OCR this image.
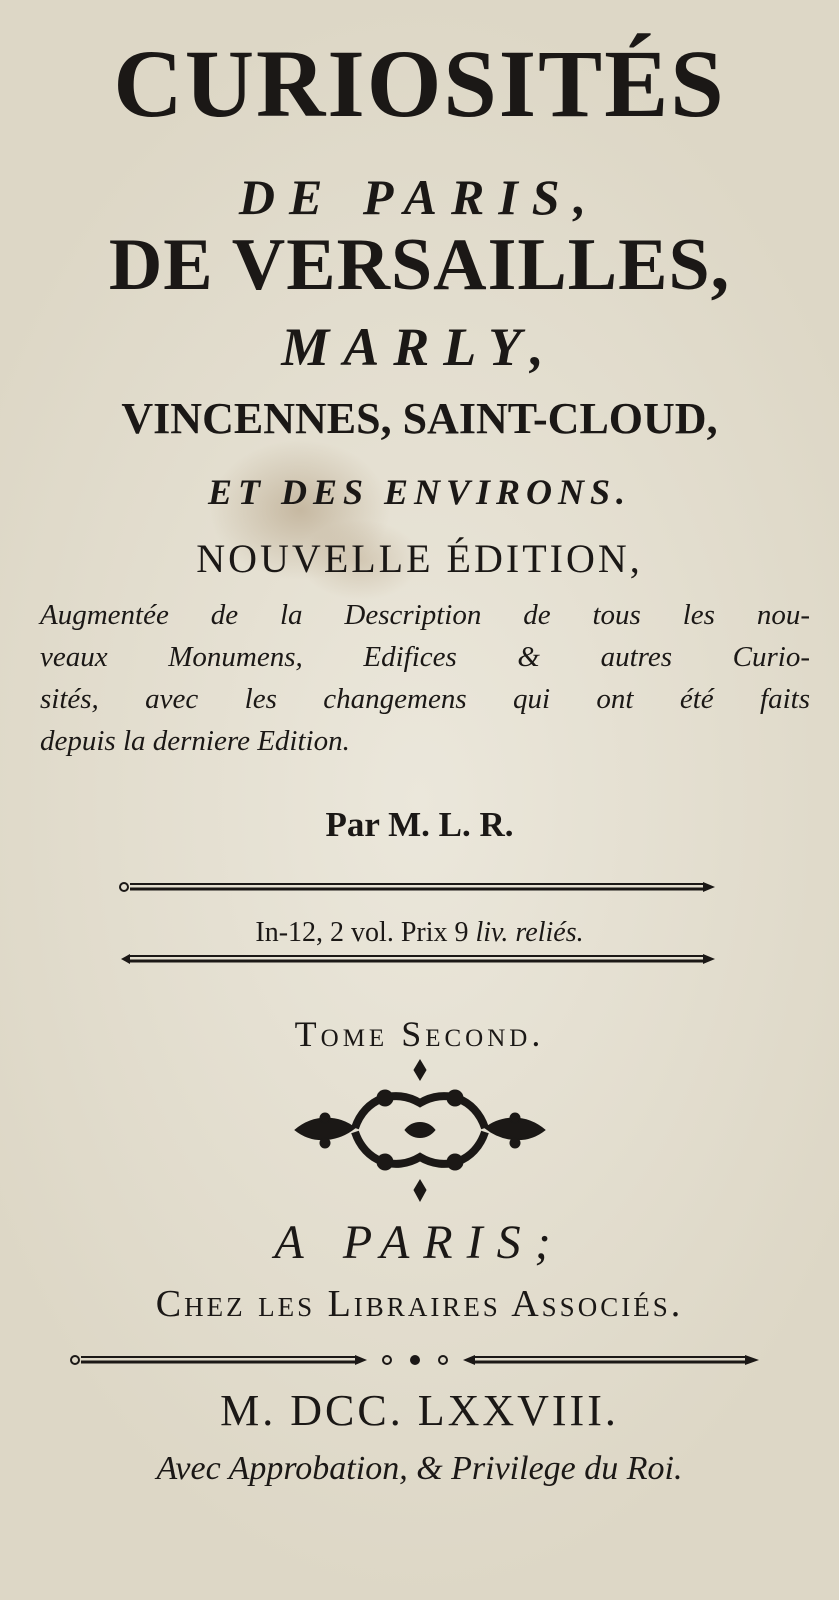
CURIOSITÉS
DE PARIS,
DE VERSAILLES,
MARLY,
VINCENNES, SAINT-CLOUD,
ET DES ENVIRONS.
NOUVELLE ÉDITION,
Augmentée de la Description de tous les nou-
veaux Monumens, Edifices & autres Curio-
sités, avec les changemens qui ont été faits
depuis la derniere Edition.
Par M. L. R.
In-12, 2 vol. Prix 9 liv. reliés.
Tome Second.
A PARIS;
Chez les Libraires Associés.
M. DCC. LXXVIII.
Avec Approbation, & Privilege du Roi.
